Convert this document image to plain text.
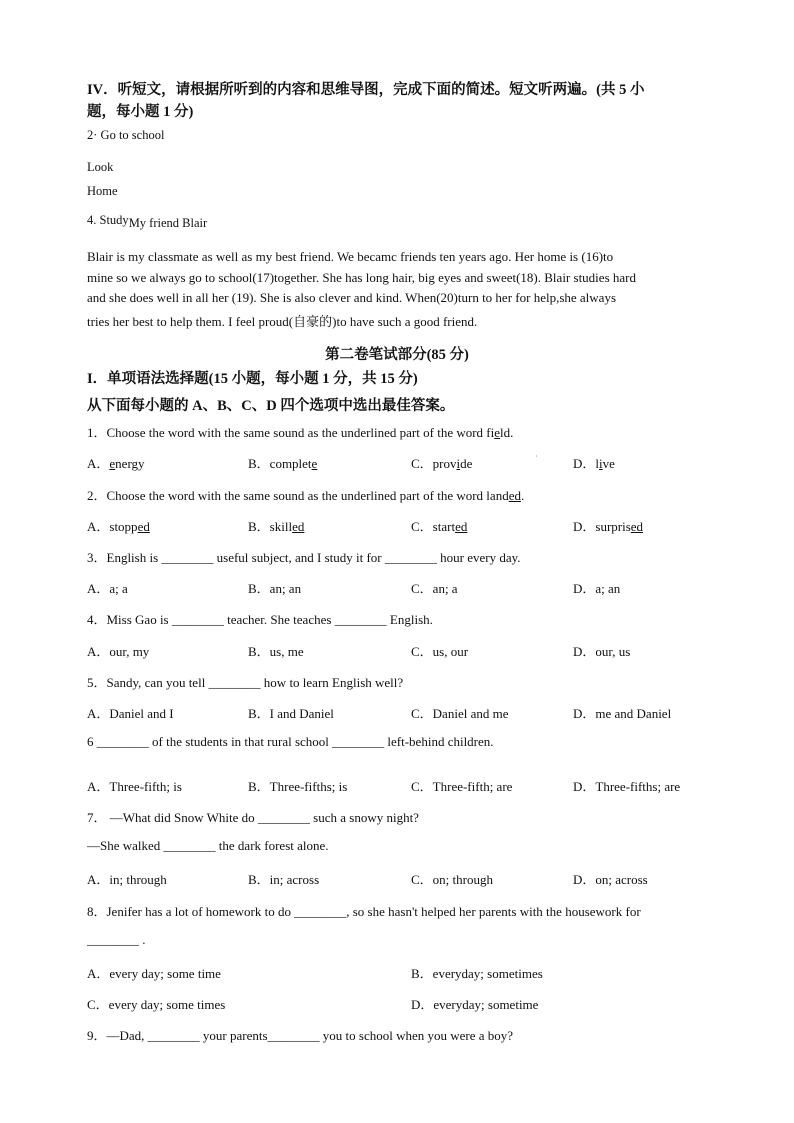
IV．听短文，请根据所听到的内容和思维导图，完成下面的简述。短文听两遍。(共 5 小
题，每小题 1 分)
2· Go to school
Look
Home
4. StudyMy friend Blair
Blair is my classmate as well as my best friend. We becamc friends ten years ago. Her home is (16)to
mine so we always go to school(17)together. She has long hair, big eyes and sweet(18). Blair studies hard
and she does well in all her (19). She is also clever and kind. When(20)turn to her for help,she always
tries her best to help them. I feel proud(自豪的)to have such a good friend.
第二卷笔试部分(85 分)
I．单项语法选择题(15 小题，每小题 1 分，共 15 分)
从下面每小题的 A、B、C、D 四个选项中选出最佳答案。
1．Choose the word with the same sound as the underlined part of the word field.
A．energy	B．complete	C．provide	·	D．live
2．Choose the word with the same sound as the underlined part of the word landed.
A．stopped	B．skilled	C．started	D．surprised
3．English is ________ useful subject, and I study it for ________ hour every day.
A．a; a	B．an; an	C．an; a	D．a; an
4．Miss Gao is ________ teacher. She teaches ________ English.
A．our, my	B．us, me	C．us, our	D．our, us
5．Sandy, can you tell ________ how to learn English well?
A．Daniel and I	B．I and Daniel	C．Daniel and me	D．me and Daniel
6 ________ of the students in that rural school ________ left-behind children.
A．Three-fifth; is	B．Three-fifths; is	C．Three-fifth; are	D．Three-fifths; are
7． —What did Snow White do ________ such a snowy night?
—She walked ________ the dark forest alone.
A．in; through	B．in; across	C．on; through	D．on; across
8．Jenifer has a lot of homework to do ________, so she hasn't helped her parents with the housework for
________ .
A．every day; some time	B．everyday; sometimes
C．every day; some times	D．everyday; sometime
9．—Dad, ________ your parents________ you to school when you were a boy?
